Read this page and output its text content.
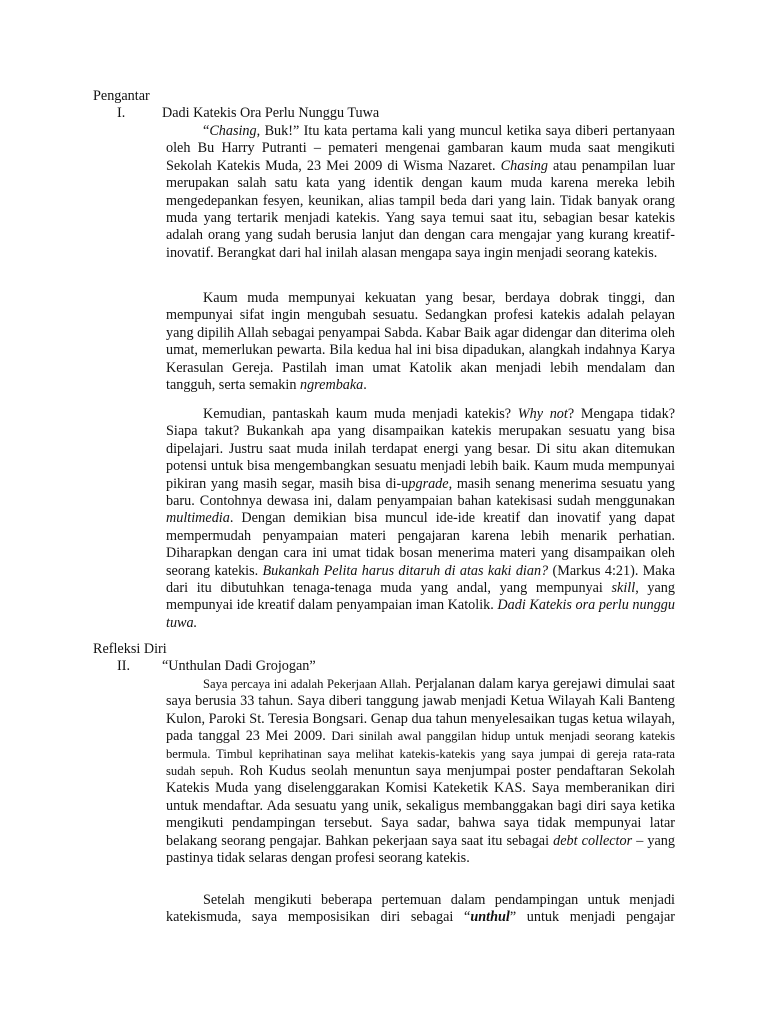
Pengantar
I.	Dadi Katekis Ora Perlu Nunggu Tuwa

“Chasing, Buk!” Itu kata pertama kali yang muncul ketika saya diberi pertanyaan oleh Bu Harry Putranti – pemateri mengenai gambaran kaum muda saat mengikuti Sekolah Katekis Muda, 23 Mei 2009 di Wisma Nazaret. Chasing atau penampilan luar merupakan salah satu kata yang identik dengan kaum muda karena mereka lebih mengedepankan fesyen, keunikan, alias tampil beda dari yang lain. Tidak banyak orang muda yang tertarik menjadi katekis. Yang saya temui saat itu, sebagian besar katekis adalah orang yang sudah berusia lanjut dan dengan cara mengajar yang kurang kreatif-inovatif. Berangkat dari hal inilah alasan mengapa saya ingin menjadi seorang katekis.

Kaum muda mempunyai kekuatan yang besar, berdaya dobrak tinggi, dan mempunyai sifat ingin mengubah sesuatu. Sedangkan profesi katekis adalah pelayan yang dipilih Allah sebagai penyampai Sabda. Kabar Baik agar didengar dan diterima oleh umat, memerlukan pewarta. Bila kedua hal ini bisa dipadukan, alangkah indahnya Karya Kerasulan Gereja. Pastilah iman umat Katolik akan menjadi lebih mendalam dan tangguh, serta semakin ngrembaka.

Kemudian, pantaskah kaum muda menjadi katekis? Why not? Mengapa tidak? Siapa takut? Bukankah apa yang disampaikan katekis merupakan sesuatu yang bisa dipelajari. Justru saat muda inilah terdapat energi yang besar. Di situ akan ditemukan potensi untuk bisa mengembangkan sesuatu menjadi lebih baik. Kaum muda mempunyai pikiran yang masih segar, masih bisa di-upgrade, masih senang menerima sesuatu yang baru. Contohnya dewasa ini, dalam penyampaian bahan katekisasi sudah menggunakan multimedia. Dengan demikian bisa muncul ide-ide kreatif dan inovatif yang dapat mempermudah penyampaian materi pengajaran karena lebih menarik perhatian. Diharapkan dengan cara ini umat tidak bosan menerima materi yang disampaikan oleh seorang katekis. Bukankah Pelita harus ditaruh di atas kaki dian? (Markus 4:21). Maka dari itu dibutuhkan tenaga-tenaga muda yang andal, yang mempunyai skill, yang mempunyai ide kreatif dalam penyampaian iman Katolik. Dadi Katekis ora perlu nunggu tuwa.

Refleksi Diri
II. “Unthulan Dadi Grojogan”

Saya percaya ini adalah Pekerjaan Allah. Perjalanan dalam karya gerejawi dimulai saat saya berusia 33 tahun. Saya diberi tanggung jawab menjadi Ketua Wilayah Kali Banteng Kulon, Paroki St. Teresia Bongsari. Genap dua tahun menyelesaikan tugas ketua wilayah, pada tanggal 23 Mei 2009. Dari sinilah awal panggilan hidup untuk menjadi seorang katekis bermula. Timbul keprihatinan saya melihat katekis-katekis yang saya jumpai di gereja rata-rata sudah sepuh. Roh Kudus seolah menuntun saya menjumpai poster pendaftaran Sekolah Katekis Muda yang diselenggarakan Komisi Kateketik KAS. Saya memberanikan diri untuk mendaftar. Ada sesuatu yang unik, sekaligus membanggakan bagi diri saya ketika mengikuti pendampingan tersebut. Saya sadar, bahwa saya tidak mempunyai latar belakang seorang pengajar. Bahkan pekerjaan saya saat itu sebagai debt collector – yang pastinya tidak selaras dengan profesi seorang katekis.

Setelah mengikuti beberapa pertemuan dalam pendampingan untuk menjadi katekismuda, saya memposisikan diri sebagai “unthul” untuk menjadi pengajar
